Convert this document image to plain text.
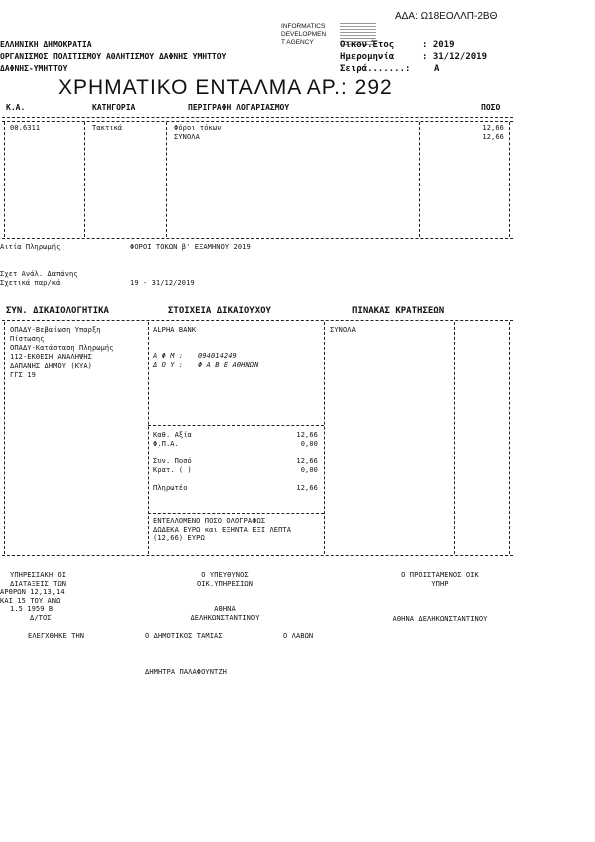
ΑΔΑ: Ω18ΕΟΛΛΠ-2ΒΘ
INFORMATICS
DEVELOPMEN
T AGENCY
ΕΛΛΗΝΙΚΗ ΔΗΜΟΚΡΑΤΙΑ
ΟΡΓΑΝΙΣΜΟΣ ΠΟΛΙΤΙΣΜΟΥ ΑΘΛΗΤΙΣΜΟΥ ΔΑΦΝΗΣ ΥΜΗΤΤΟΥ
ΔΑΦΝΗΣ-ΥΜΗΤΤΟΥ
Οικον.Έτος	: 2019
Ημερομηνία	: 31/12/2019
Σειρά.......:	Α
ΧΡΗΜΑΤΙΚΟ ΕΝΤΑΛΜΑ ΑΡ.: 292
Κ.Α.	ΚΑΤΗΓΟΡΙΑ	ΠΕΡΙΓΡΑΦΗ ΛΟΓΑΡΙΑΣΜΟΥ	ΠΟΣΟ
00.6311	Τακτικά	Φόροι τόκων	12,66
ΣΥΝΟΛΑ	12,66
Αιτία Πληρωμής	ΦΟΡΟΙ ΤΟΚΩΝ β' ΕΞΑΜΗΝΟΥ 2019
Σχετ Ανάλ. Δαπάνης
Σχετικά παρ/κά	19 - 31/12/2019
ΣΥΝ. ΔΙΚΑΙΟΛΟΓΗΤΙΚΑ	ΣΤΟΙΧΕΙΑ ΔΙΚΑΙΟΥΧΟΥ	ΠΙΝΑΚΑΣ ΚΡΑΤΗΣΕΩΝ
ΟΠΑΔΥ-Βεβαίωση Υπαρξη
Πίστωσης
ΟΠΑΔΥ-Κατάσταση Πληρωμής
112-ΕΚΘΕΣΗ ΑΝΑΛΗΨΗΣ
ΔΑΠΑΝΗΣ ΔΗΜΟΥ (ΚΥΑ)
ΓΓΣ 19
ALPHA BANK
Α Φ Μ : 094014249
Δ Ο Υ : Φ Α Β Ε ΑΘΗΝΩΝ
ΣΥΝΟΛΑ
Καθ. Αξία	12,66
Φ.Π.Α.	0,00
Συν. Ποσό	12,66
Κρατ. ( )	0,00
Πληρωτέο	12,66
ΕΝΤΕΛΛΟΜΕΝΟ ΠΟΣΟ ΟΛΟΓΡΑΦΩΣ
ΔΩΔΕΚΑ ΕΥΡΩ και ΕΞΗΝΤΑ ΕΞΙ ΛΕΠΤΑ
(12,66) ΕΥΡΩ
ΥΠΗΡΕΣΙΑΚΗ ΟΙ
ΔΙΑΤΑΞΕΙΣ ΤΩΝ
ΑΡΘΡΩΝ 12,13,14
ΚΑΙ 15 ΤΟΥ ΑΝΩ
1.5 1959 Β
Δ/ΤΟΣ
Ο ΥΠΕΥΘΥΝΟΣ
ΟΙΚ.ΥΠΗΡΕΣΙΩΝ
ΑΘΗΝΑ
ΔΕΛΗΚΩΝΣΤΑΝΤΙΝΟΥ
Ο ΠΡΟΙΣΤΑΜΕΝΟΣ ΟΙΚ
ΥΠΗΡ
ΑΘΗΝΑ ΔΕΛΗΚΩΝΣΤΑΝΤΙΝΟΥ
ΕΛΕΓΧΘΗΚΕ ΤΗΝ	Ο ΔΗΜΟΤΙΚΟΣ ΤΑΜΙΑΣ	Ο ΛΑΒΩΝ
ΔΗΜΗΤΡΑ ΠΑΛΑΦΟΥΝΤΖΗ
